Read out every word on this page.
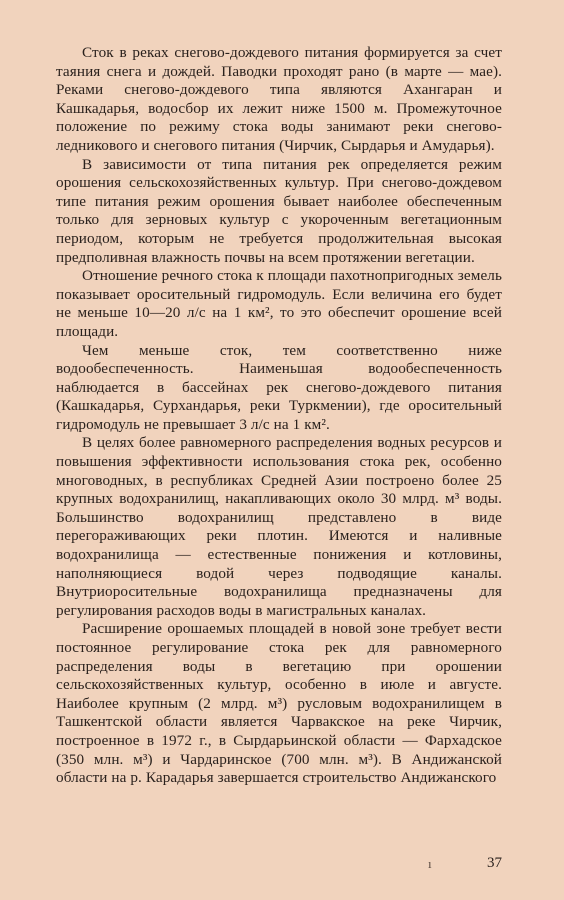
Сток в реках снегово-дождевого питания формируется за счет таяния снега и дождей. Паводки проходят рано (в марте — мае). Реками снегово-дождевого типа являются Ахангаран и Кашкадарья, водосбор их лежит ниже 1500 м. Промежуточное положение по режиму стока воды занимают реки снегово-ледникового и снегового питания (Чирчик, Сырдарья и Амударья).

В зависимости от типа питания рек определяется режим орошения сельскохозяйственных культур. При снегово-дождевом типе питания режим орошения бывает наиболее обеспеченным только для зерновых культур с укороченным вегетационным периодом, которым не требуется продолжительная высокая предполивная влажность почвы на всем протяжении вегетации.

Отношение речного стока к площади пахотнопригодных земель показывает оросительный гидромодуль. Если величина его будет не меньше 10—20 л/с на 1 км², то это обеспечит орошение всей площади.

Чем меньше сток, тем соответственно ниже водообеспеченность. Наименьшая водообеспеченность наблюдается в бассейнах рек снегово-дождевого питания (Кашкадарья, Сурхандарья, реки Туркмении), где оросительный гидромодуль не превышает 3 л/с на 1 км².

В целях более равномерного распределения водных ресурсов и повышения эффективности использования стока рек, особенно многоводных, в республиках Средней Азии построено более 25 крупных водохранилищ, накапливающих около 30 млрд. м³ воды. Большинство водохранилищ представлено в виде перегораживающих реки плотин. Имеются и наливные водохранилища — естественные понижения и котловины, наполняющиеся водой через подводящие каналы. Внутриоросительные водохранилища предназначены для регулирования расходов воды в магистральных каналах.

Расширение орошаемых площадей в новой зоне требует вести постоянное регулирование стока рек для равномерного распределения воды в вегетацию при орошении сельскохозяйственных культур, особенно в июле и августе. Наиболее крупным (2 млрд. м³) русловым водохранилищем в Ташкентской области является Чарвакское на реке Чирчик, построенное в 1972 г., в Сырдарьинской области — Фархадское (350 млн. м³) и Чардаринское (700 млн. м³). В Андижанской области на р. Карадарья завершается строительство Андижанского

ı	37
